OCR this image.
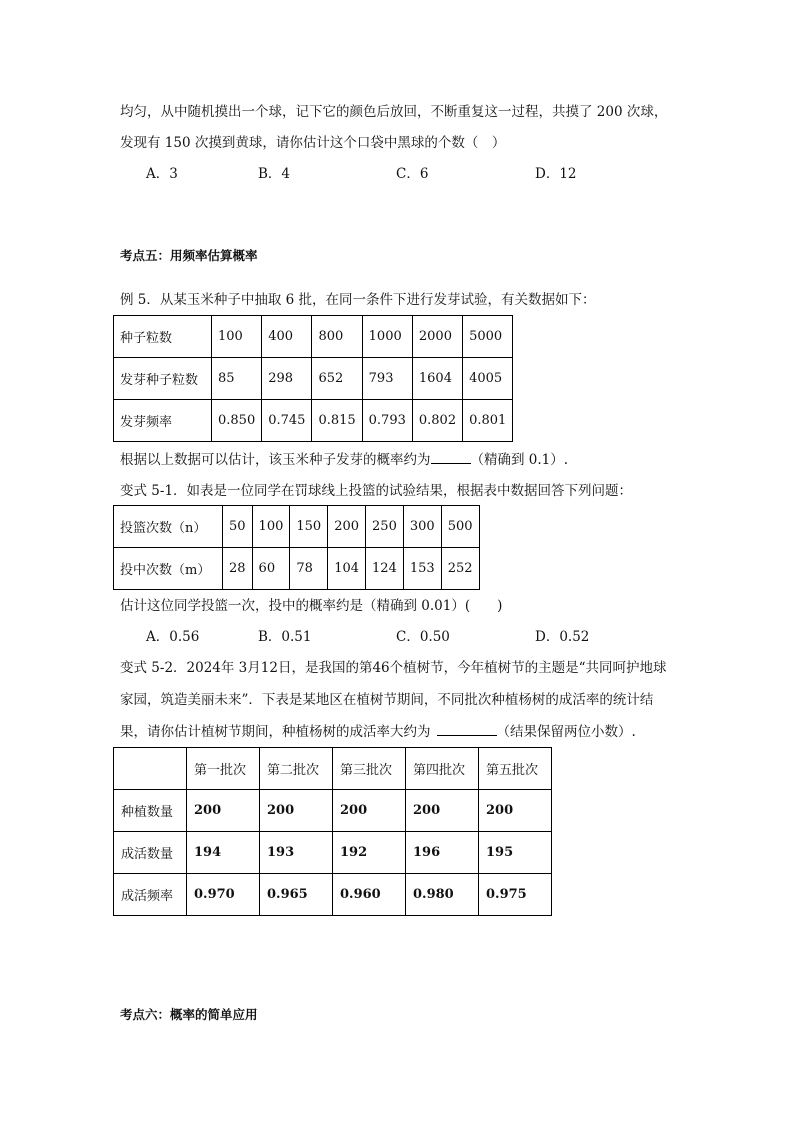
均匀，从中随机摸出一个球，记下它的颜色后放回，不断重复这一过程，共摸了 200 次球，
发现有 150 次摸到黄球，请你估计这个口袋中黑球的个数（　）
A．3	B．4	C．6	D．12
考点五：用频率估算概率
例 5．从某玉米种子中抽取 6 批，在同一条件下进行发芽试验，有关数据如下：
种子粒数	100	400	800	1000	2000	5000
发芽种子粒数	85	298	652	793	1604	4005
发芽频率	0.850	0.745	0.815	0.793	0.802	0.801
根据以上数据可以估计，该玉米种子发芽的概率约为	（精确到 0.1）.
变式 5-1．如表是一位同学在罚球线上投篮的试验结果，根据表中数据回答下列问题：
投篮次数（n）	50	100	150	200	250	300	500
投中次数（m）	28	60	78	104	124	153	252
估计这位同学投篮一次，投中的概率约是（精确到 0.01）(　　)
A．0.56	B．0.51	C．0.50	D．0.52
变式 5-2．2024年 3月12日，是我国的第46个植树节，今年植树节的主题是“共同呵护地球
家园，筑造美丽未来”．下表是某地区在植树节期间，不同批次种植杨树的成活率的统计结
果，请你估计植树节期间，种植杨树的成活率大约为	（结果保留两位小数）.
	第一批次	第二批次	第三批次	第四批次	第五批次
种植数量	200	200	200	200	200
成活数量	194	193	192	196	195
成活频率	0.970	0.965	0.960	0.980	0.975
考点六：概率的简单应用
